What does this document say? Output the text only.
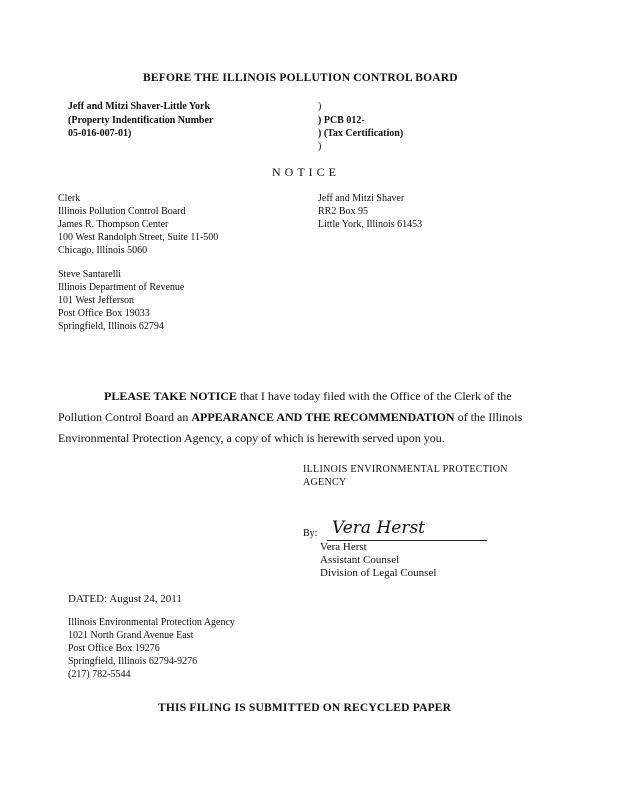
BEFORE THE ILLINOIS POLLUTION CONTROL BOARD
Jeff and Mitzi Shaver-Little York
(Property Indentification Number
05-016-007-01)
)
) PCB 012-
) (Tax Certification)
)
NOTICE
Clerk
Illinois Pollution Control Board
James R. Thompson Center
100 West Randolph Street, Suite 11-500
Chicago, Illinois 5060
Jeff and Mitzi Shaver
RR2 Box 95
Little York, Illinois 61453
Steve Santarelli
Illinois Department of Revenue
101 West Jefferson
Post Office Box 19033
Springfield, Illinois 62794
PLEASE TAKE NOTICE that I have today filed with the Office of the Clerk of the
Pollution Control Board an APPEARANCE AND THE RECOMMENDATION of the Illinois
Environmental Protection Agency, a copy of which is herewith served upon you.
ILLINOIS ENVIRONMENTAL PROTECTION
AGENCY
By: Vera Herst
Vera Herst
Assistant Counsel
Division of Legal Counsel
DATED: August 24, 2011
Illinois Environmental Protection Agency
1021 North Grand Avenue East
Post Office Box 19276
Springfield, Illinois 62794-9276
(217) 782-5544
THIS FILING IS SUBMITTED ON RECYCLED PAPER
